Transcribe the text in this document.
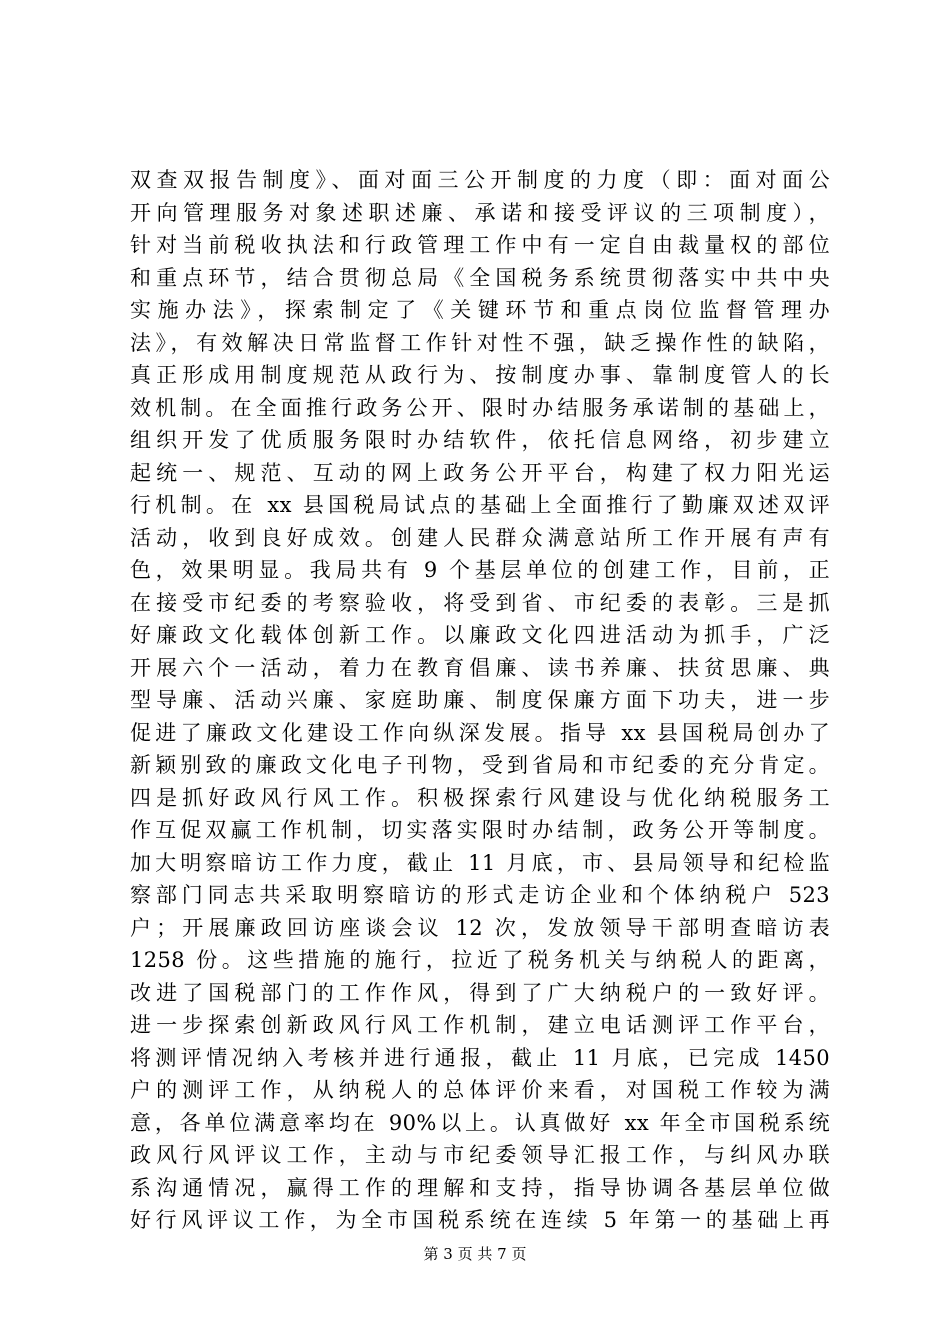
双查双报告制度》、面对面三公开制度的力度（即：面对面公
开向管理服务对象述职述廉、承诺和接受评议的三项制度），
针对当前税收执法和行政管理工作中有一定自由裁量权的部位
和重点环节，结合贯彻总局《全国税务系统贯彻落实中共中央
实施办法》，探索制定了《关键环节和重点岗位监督管理办
法》，有效解决日常监督工作针对性不强，缺乏操作性的缺陷，
真正形成用制度规范从政行为、按制度办事、靠制度管人的长
效机制。在全面推行政务公开、限时办结服务承诺制的基础上，
组织开发了优质服务限时办结软件，依托信息网络，初步建立
起统一、规范、互动的网上政务公开平台，构建了权力阳光运
行机制。在 xx 县国税局试点的基础上全面推行了勤廉双述双评
活动，收到良好成效。创建人民群众满意站所工作开展有声有
色，效果明显。我局共有 9 个基层单位的创建工作，目前，正
在接受市纪委的考察验收，将受到省、市纪委的表彰。三是抓
好廉政文化载体创新工作。以廉政文化四进活动为抓手，广泛
开展六个一活动，着力在教育倡廉、读书养廉、扶贫思廉、典
型导廉、活动兴廉、家庭助廉、制度保廉方面下功夫，进一步
促进了廉政文化建设工作向纵深发展。指导 xx 县国税局创办了
新颖别致的廉政文化电子刊物，受到省局和市纪委的充分肯定。
四是抓好政风行风工作。积极探索行风建设与优化纳税服务工
作互促双赢工作机制，切实落实限时办结制，政务公开等制度。
加大明察暗访工作力度，截止 11 月底，市、县局领导和纪检监
察部门同志共采取明察暗访的形式走访企业和个体纳税户 523
户；开展廉政回访座谈会议 12 次，发放领导干部明查暗访表
1258 份。这些措施的施行，拉近了税务机关与纳税人的距离，
改进了国税部门的工作作风，得到了广大纳税户的一致好评。
进一步探索创新政风行风工作机制，建立电话测评工作平台，
将测评情况纳入考核并进行通报，截止 11 月底，已完成 1450
户的测评工作，从纳税人的总体评价来看，对国税工作较为满
意，各单位满意率均在 90%以上。认真做好 xx 年全市国税系统
政风行风评议工作，主动与市纪委领导汇报工作，与纠风办联
系沟通情况，赢得工作的理解和支持，指导协调各基层单位做
好行风评议工作，为全市国税系统在连续 5 年第一的基础上再
第 3 页 共 7 页
